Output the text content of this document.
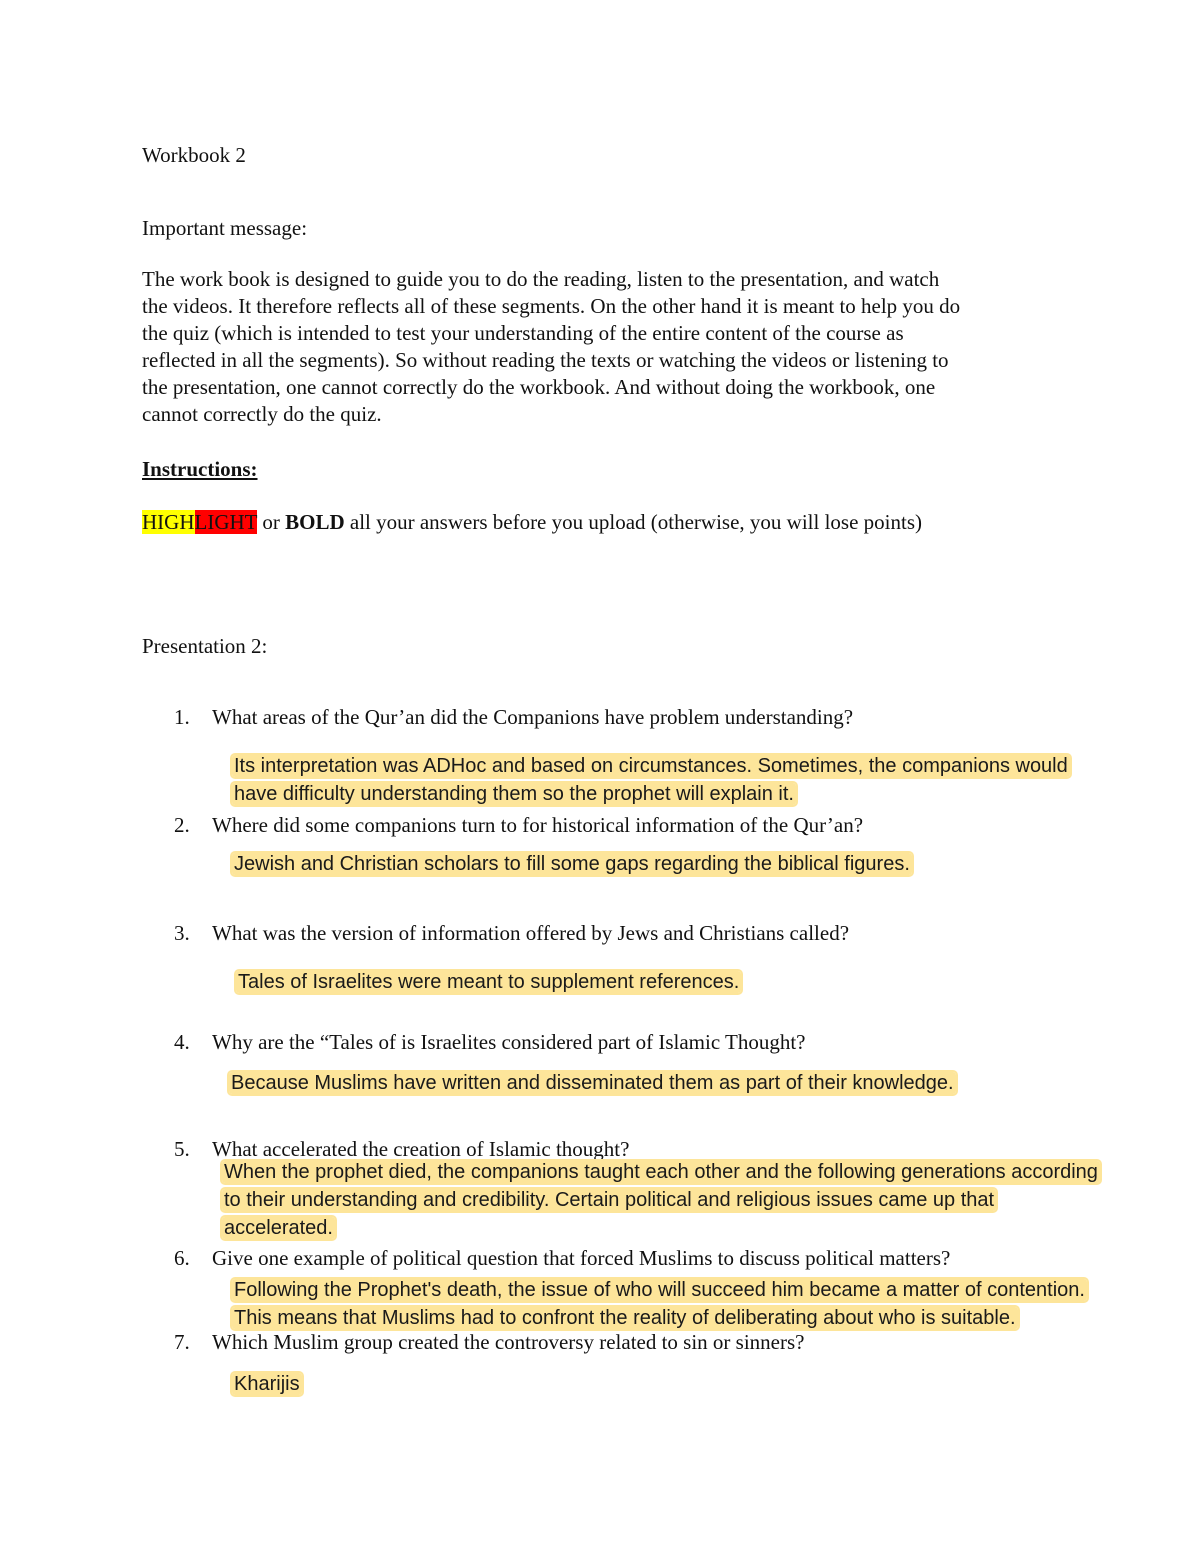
Workbook 2
Important message:
The work book is designed to guide you to do the reading, listen to the presentation, and watch
the videos. It therefore reflects all of these segments. On the other hand it is meant to help you do
the quiz (which is intended to test your understanding of the entire content of the course as
reflected in all the segments). So without reading the texts or watching the videos or listening to
the presentation, one cannot correctly do the workbook. And without doing the workbook, one
cannot correctly do the quiz.
Instructions:
HIGHLIGHT or BOLD all your answers before you upload (otherwise, you will lose points)
Presentation 2:
1. What areas of the Qur’an did the Companions have problem understanding?
Its interpretation was ADHoc and based on circumstances. Sometimes, the companions would
have difficulty understanding them so the prophet will explain it.
2. Where did some companions turn to for historical information of the Qur’an?
Jewish and Christian scholars to fill some gaps regarding the biblical figures.
3. What was the version of information offered by Jews and Christians called?
Tales of Israelites were meant to supplement references.
4. Why are the “Tales of is Israelites considered part of Islamic Thought?
Because Muslims have written and disseminated them as part of their knowledge.
5. What accelerated the creation of Islamic thought?
When the prophet died, the companions taught each other and the following generations according
to their understanding and credibility. Certain political and religious issues came up that
accelerated.
6. Give one example of political question that forced Muslims to discuss political matters?
Following the Prophet's death, the issue of who will succeed him became a matter of contention.
This means that Muslims had to confront the reality of deliberating about who is suitable.
7. Which Muslim group created the controversy related to sin or sinners?
Kharijis
